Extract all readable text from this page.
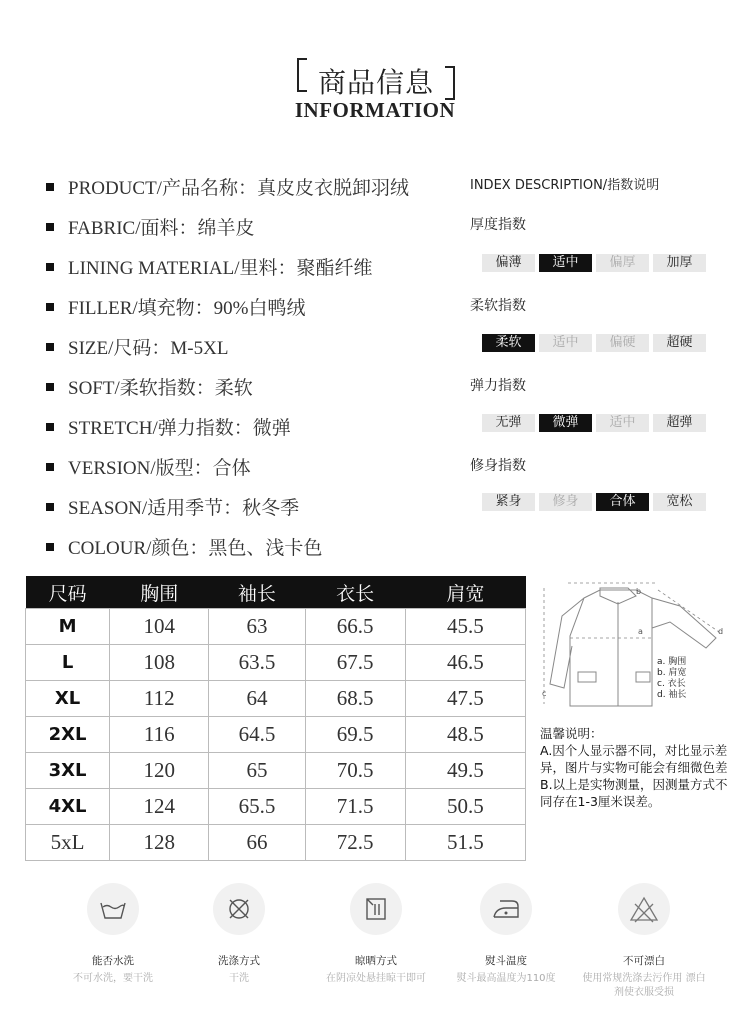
商品信息
INFORMATION
PRODUCT/产品名称：真皮皮衣脱卸羽绒
FABRIC/面料：绵羊皮
LINING MATERIAL/里料：聚酯纤维
FILLER/填充物：90%白鸭绒
SIZE/尺码：M-5XL
SOFT/柔软指数：柔软
STRETCH/弹力指数：微弹
VERSION/版型：合体
SEASON/适用季节：秋冬季
COLOUR/颜色：黑色、浅卡色
INDEX DESCRIPTION/指数说明
厚度指数
偏薄	适中	偏厚	加厚
柔软指数
柔软	适中	偏硬	超硬
弹力指数
无弹	微弹	适中	超弹
修身指数
紧身	修身	合体	宽松
尺码	胸围	袖长	衣长	肩宽
M	104	63	66.5	45.5
L	108	63.5	67.5	46.5
XL	112	64	68.5	47.5
2XL	116	64.5	69.5	48.5
3XL	120	65	70.5	49.5
4XL	124	65.5	71.5	50.5
5xL	128	66	72.5	51.5
b
a
c
d
a. 胸围
b. 肩宽
c. 衣长
d. 袖长
温馨说明：
A.因个人显示器不同，对比显示差异，图片与实物可能会有细微色差
B.以上是实物测量，因测量方式不同存在1-3厘米误差。
能否水洗
不可水洗，要干洗
洗涤方式
干洗
晾晒方式
在阴凉处悬挂晾干即可
熨斗温度
熨斗最高温度为110度
不可漂白
使用常规洗涤去污作用 漂白剂使衣服受损
